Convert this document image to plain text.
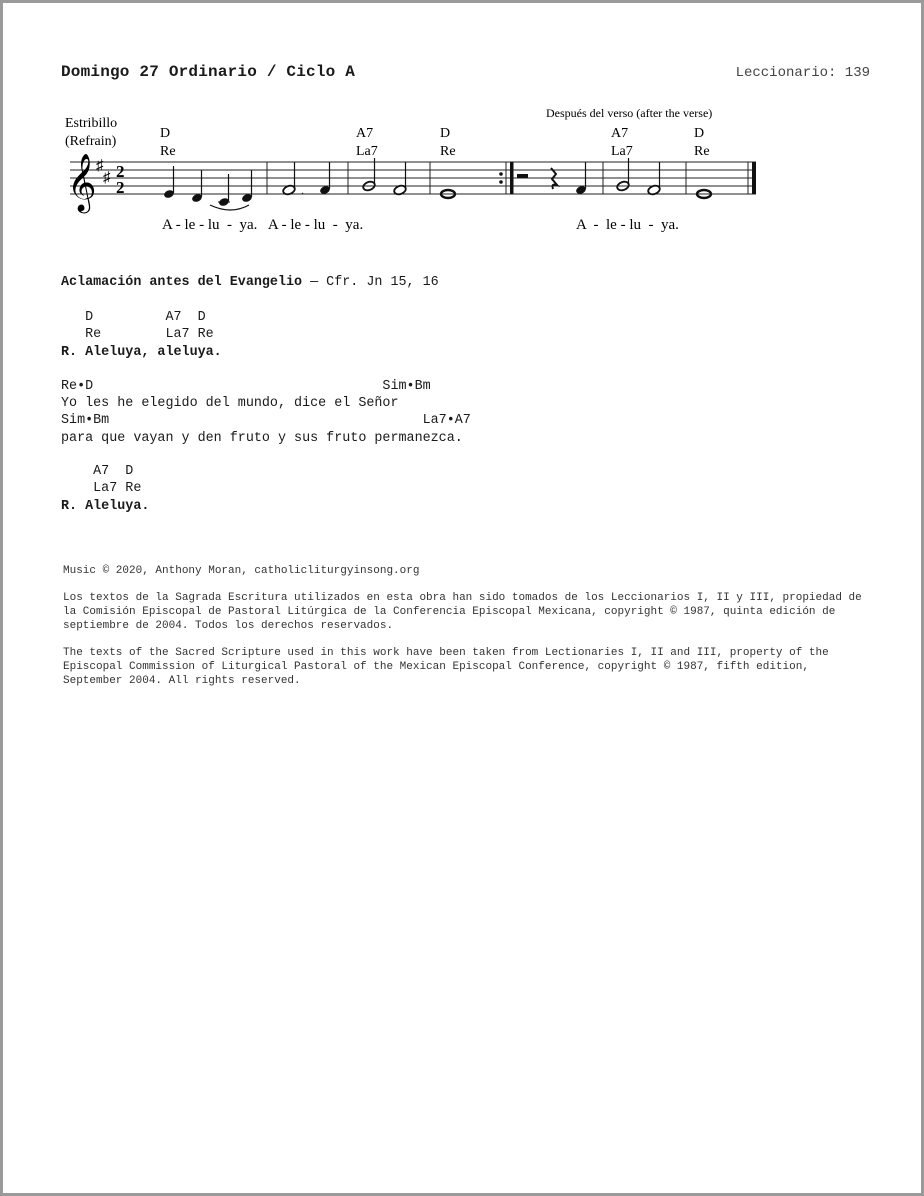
Domingo 27 Ordinario / Ciclo A	Leccionario: 139
Estribillo
(Refrain)
Después del verso (after the verse)
D
Re
A7
La7
D
Re
A7
La7
D
Re
𝄞 ♯
♯ 2
2	.
A - le - lu  -  ya.   A - le - lu  -  ya.	A  -  le - lu  -  ya.
Aclamación antes del Evangelio — Cfr. Jn 15, 16
D         A7  D
Re        La7 Re
R. Aleluya, aleluya.
Re•D                                    Sim•Bm
Yo les he elegido del mundo, dice el Señor
Sim•Bm                                       La7•A7
para que vayan y den fruto y sus fruto permanezca.
A7  D
La7 Re
R. Aleluya.
Music © 2020, Anthony Moran, catholicliturgyinsong.org
Los textos de la Sagrada Escritura utilizados en esta obra han sido tomados de los Leccionarios I, II y III, propiedad de la Comisión Episcopal de Pastoral Litúrgica de la Conferencia Episcopal Mexicana, copyright © 1987, quinta edición de septiembre de 2004. Todos los derechos reservados.
The texts of the Sacred Scripture used in this work have been taken from Lectionaries I, II and III, property of the Episcopal Commission of Liturgical Pastoral of the Mexican Episcopal Conference, copyright © 1987, fifth edition, September 2004. All rights reserved.
